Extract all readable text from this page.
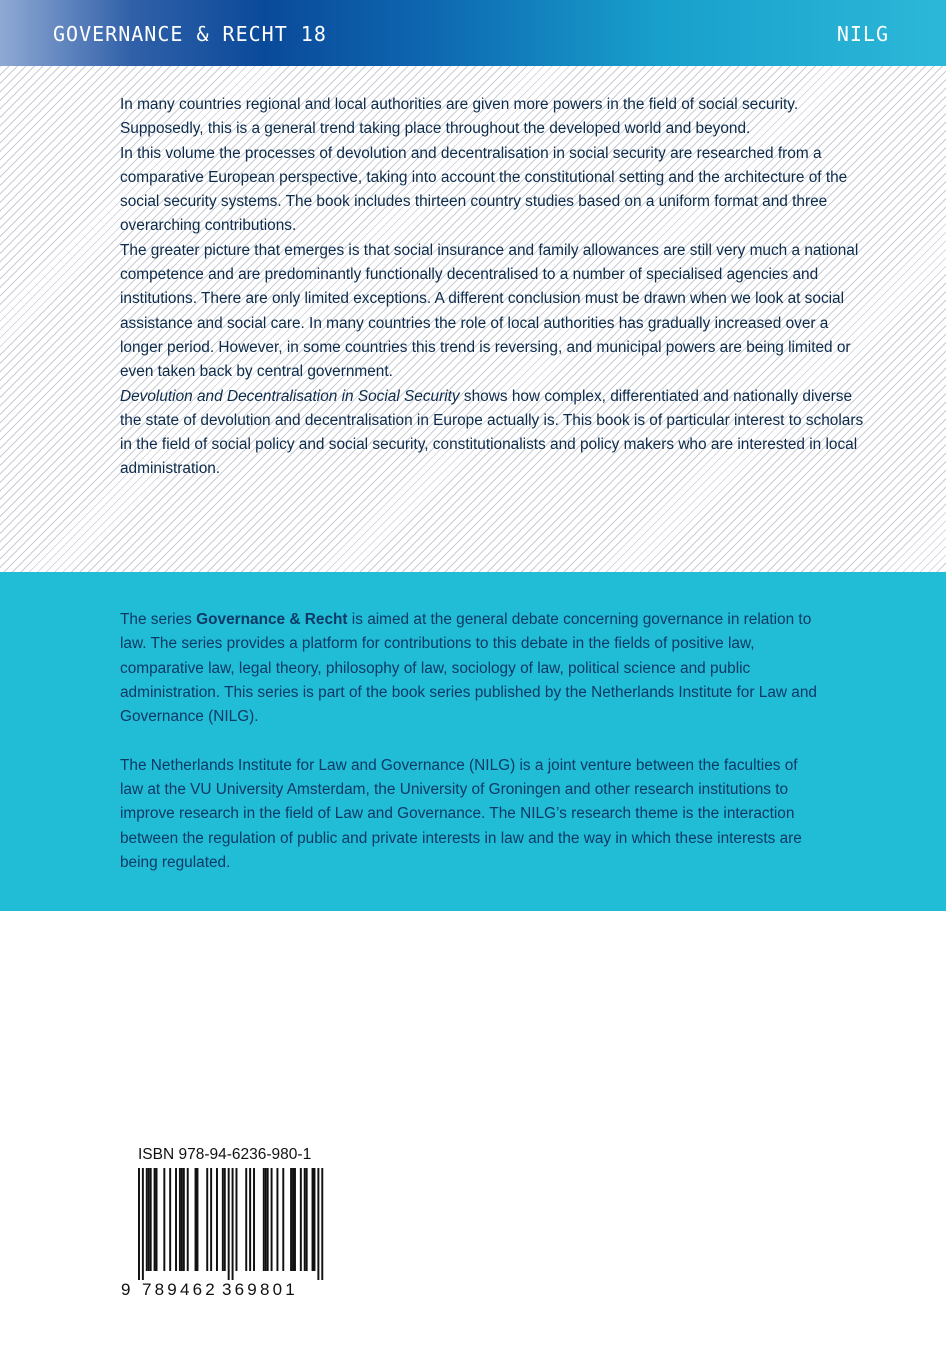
GOVERNANCE & RECHT 18	NILG

In many countries regional and local authorities are given more powers in the field of social security. Supposedly, this is a general trend taking place throughout the developed world and beyond.

In this volume the processes of devolution and decentralisation in social security are researched from a comparative European perspective, taking into account the constitutional setting and the architecture of the social security systems. The book includes thirteen country studies based on a uniform format and three overarching contributions.

The greater picture that emerges is that social insurance and family allowances are still very much a national competence and are predominantly functionally decentralised to a number of specialised agencies and institutions. There are only limited exceptions. A different conclusion must be drawn when we look at social assistance and social care. In many countries the role of local authorities has gradually increased over a longer period. However, in some countries this trend is reversing, and municipal powers are being limited or even taken back by central government.

Devolution and Decentralisation in Social Security shows how complex, differentiated and nationally diverse the state of devolution and decentralisation in Europe actually is. This book is of particular interest to scholars in the field of social policy and social security, constitutionalists and policy makers who are interested in local administration.

The series Governance & Recht is aimed at the general debate concerning governance in relation to law. The series provides a platform for contributions to this debate in the fields of positive law, comparative law, legal theory, philosophy of law, sociology of law, political science and public administration. This series is part of the book series published by the Netherlands Institute for Law and Governance (NILG).

The Netherlands Institute for Law and Governance (NILG) is a joint venture between the faculties of law at the VU University Amsterdam, the University of Groningen and other research institutions to improve research in the field of Law and Governance. The NILG’s research theme is the interaction between the regulation of public and private interests in law and the way in which these interests are being regulated.

ISBN 978-94-6236-980-1
9 789462 369801
